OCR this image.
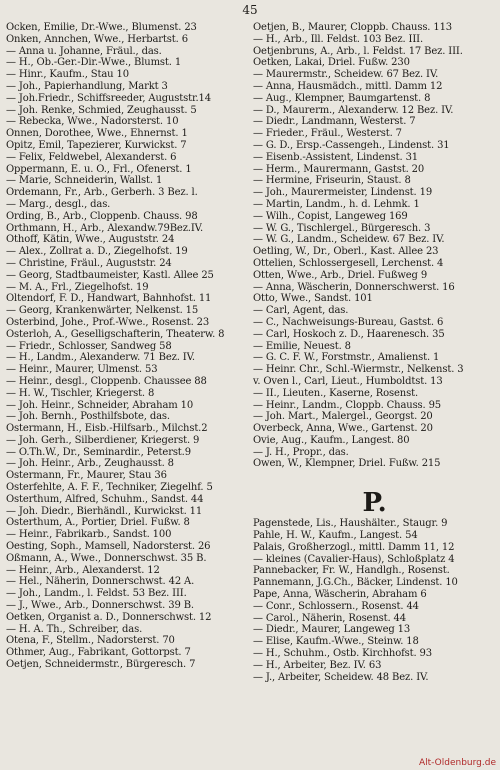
45
Ocken, Emilie, Dr.-Wwe., Blumenst. 23
Onken, Annchen, Wwe., Herbartst. 6
— Anna u. Johanne, Fräul., das.
— H., Ob.-Ger.-Dir.-Wwe., Blumst. 1
— Hinr., Kaufm., Stau 10
— Joh., Papierhandlung, Markt 3
— Joh.Friedr., Schiffsreeder, Auguststr.14
— Joh. Renke, Schmied, Zeughausst. 5
— Rebecka, Wwe., Nadorsterst. 10
Onnen, Dorothee, Wwe., Ehnernst. 1
Opitz, Emil, Tapezierer, Kurwickst. 7
— Felix, Feldwebel, Alexanderst. 6
Oppermann, E. u. O., Frl., Ofenerst. 1
— Marie, Schneiderin, Wallst. 1
Ordemann, Fr., Arb., Gerberh. 3 Bez. l.
— Marg., desgl., das.
Ording, B., Arb., Cloppenb. Chauss. 98
Orthmann, H., Arb., Alexandw.79Bez.IV.
Othoff, Kätin, Wwe., Auguststr. 24
— Alex., Zollrat a. D., Ziegelhofst. 19
— Christine, Fräul., Auguststr. 24
— Georg, Stadtbaumeister, Kastl. Allee 25
— M. A., Frl., Ziegelhofst. 19
Oltendorf, F. D., Handwart, Bahnhofst. 11
— Georg, Krankenwärter, Nelkenst. 15
Osterbind, Johe., Prof.-Wwe., Rosenst. 23
Osterloh, A., Geselligschafterin, Theaterw. 8
— Friedr., Schlosser, Sandweg 58
— H., Landm., Alexanderw. 71 Bez. IV.
— Heinr., Maurer, Ulmenst. 53
— Heinr., desgl., Cloppenb. Chaussee 88
— H. W., Tischler, Kriegerst. 8
— Joh. Heinr., Schneider, Abraham 10
— Joh. Bernh., Posthilfsbote, das.
Ostermann, H., Eisb.-Hilfsarb., Milchst.2
— Joh. Gerh., Silberdiener, Kriegerst. 9
— O.Th.W., Dr., Seminardir., Peterst.9
— Joh. Heinr., Arb., Zeughausst. 8
Ostermann, Fr., Maurer, Stau 36
Osterfehlte, A. F. F., Techniker, Ziegelhf. 5
Osterthum, Alfred, Schuhm., Sandst. 44
— Joh. Diedr., Bierhändl., Kurwickst. 11
Osterthum, A., Portier, Driel. Fußw. 8
— Heinr., Fabrikarb., Sandst. 100
Oesting, Soph., Mamsell, Nadorsterst. 26
Oßmann, A., Wwe., Donnerschwst. 35 B.
— Heinr., Arb., Alexanderst. 12
— Hel., Näherin, Donnerschwst. 42 A.
— Joh., Landm., l. Feldst. 53 Bez. III.
— J., Wwe., Arb., Donnerschwst. 39 B.
Oetken, Organist a. D., Donnerschwst. 12
— H. A. Th., Schreiber, das.
Otena, F., Stellm., Nadorsterst. 70
Othmer, Aug., Fabrikant, Gottorpst. 7
Oetjen, Schneidermstr., Bürgeresch. 7
Oetjen, B., Maurer, Cloppb. Chauss. 113
— H., Arb., Ill. Feldst. 103 Bez. III.
Oetjenbruns, A., Arb., l. Feldst. 17 Bez. III.
Oetken, Lakai, Driel. Fußw. 230
— Maurermstr., Scheidew. 67 Bez. IV.
— Anna, Hausmädch., mittl. Damm 12
— Aug., Klempner, Baumgartenst. 8
— D., Maurerm., Alexanderw. 12 Bez. IV.
— Diedr., Landmann, Westerst. 7
— Frieder., Fräul., Westerst. 7
— G. D., Ersp.-Cassengeh., Lindenst. 31
— Eisenb.-Assistent, Lindenst. 31
— Herm., Maurermann, Gastst. 20
— Hermine, Friseurin, Staust. 8
— Joh., Maurermeister, Lindenst. 19
— Martin, Landm., h. d. Lehmk. 1
— Wilh., Copist, Langeweg 169
— W. G., Tischlergel., Bürgeresch. 3
— W. G., Landm., Scheidew. 67 Bez. IV.
Oetling, W., Dr., Oberl., Kast. Allee 23
Ottelien, Schlossergesell, Lerchenst. 4
Otten, Wwe., Arb., Driel. Fußweg 9
— Anna, Wäscherin, Donnerschwerst. 16
Otto, Wwe., Sandst. 101
— Carl, Agent, das.
— C., Nachweisungs-Bureau, Gastst. 6
— Carl, Hoskoch z. D., Haarenesch. 35
— Emilie, Neuest. 8
— G. C. F. W., Forstmstr., Amalienst. 1
— Heinr. Chr., Schl.-Wiermstr., Nelkenst. 3
v. Oven l., Carl, Lieut., Humboldtst. 13
— II., Lieuten., Kaserne, Rosenst.
— Heinr., Landm., Cloppb. Chauss. 95
— Joh. Mart., Malergel., Georgst. 20
Overbeck, Anna, Wwe., Gartenst. 20
Ovie, Aug., Kaufm., Langest. 80
— J. H., Propr., das.
Owen, W., Klempner, Driel. Fußw. 215
P.
Pagenstede, Lis., Haushälter., Staugr. 9
Pahle, H. W., Kaufm., Langest. 54
Palais, Großherzogl., mittl. Damm 11, 12
— kleines (Cavalier-Haus), Schloßplatz 4
Pannebacker, Fr. W., Handlgh., Rosenst.
Pannemann, J.G.Ch., Bäcker, Lindenst. 10
Pape, Anna, Wäscherin, Abraham 6
— Conr., Schlossern., Rosenst. 44
— Carol., Näherin, Rosenst. 44
— Diedr., Maurer, Langeweg 13
— Elise, Kaufm.-Wwe., Steinw. 18
— H., Schuhm., Ostb. Kirchhofst. 93
— H., Arbeiter, Bez. IV. 63
— J., Arbeiter, Scheidew. 48 Bez. IV.
Alt-Oldenburg.de
